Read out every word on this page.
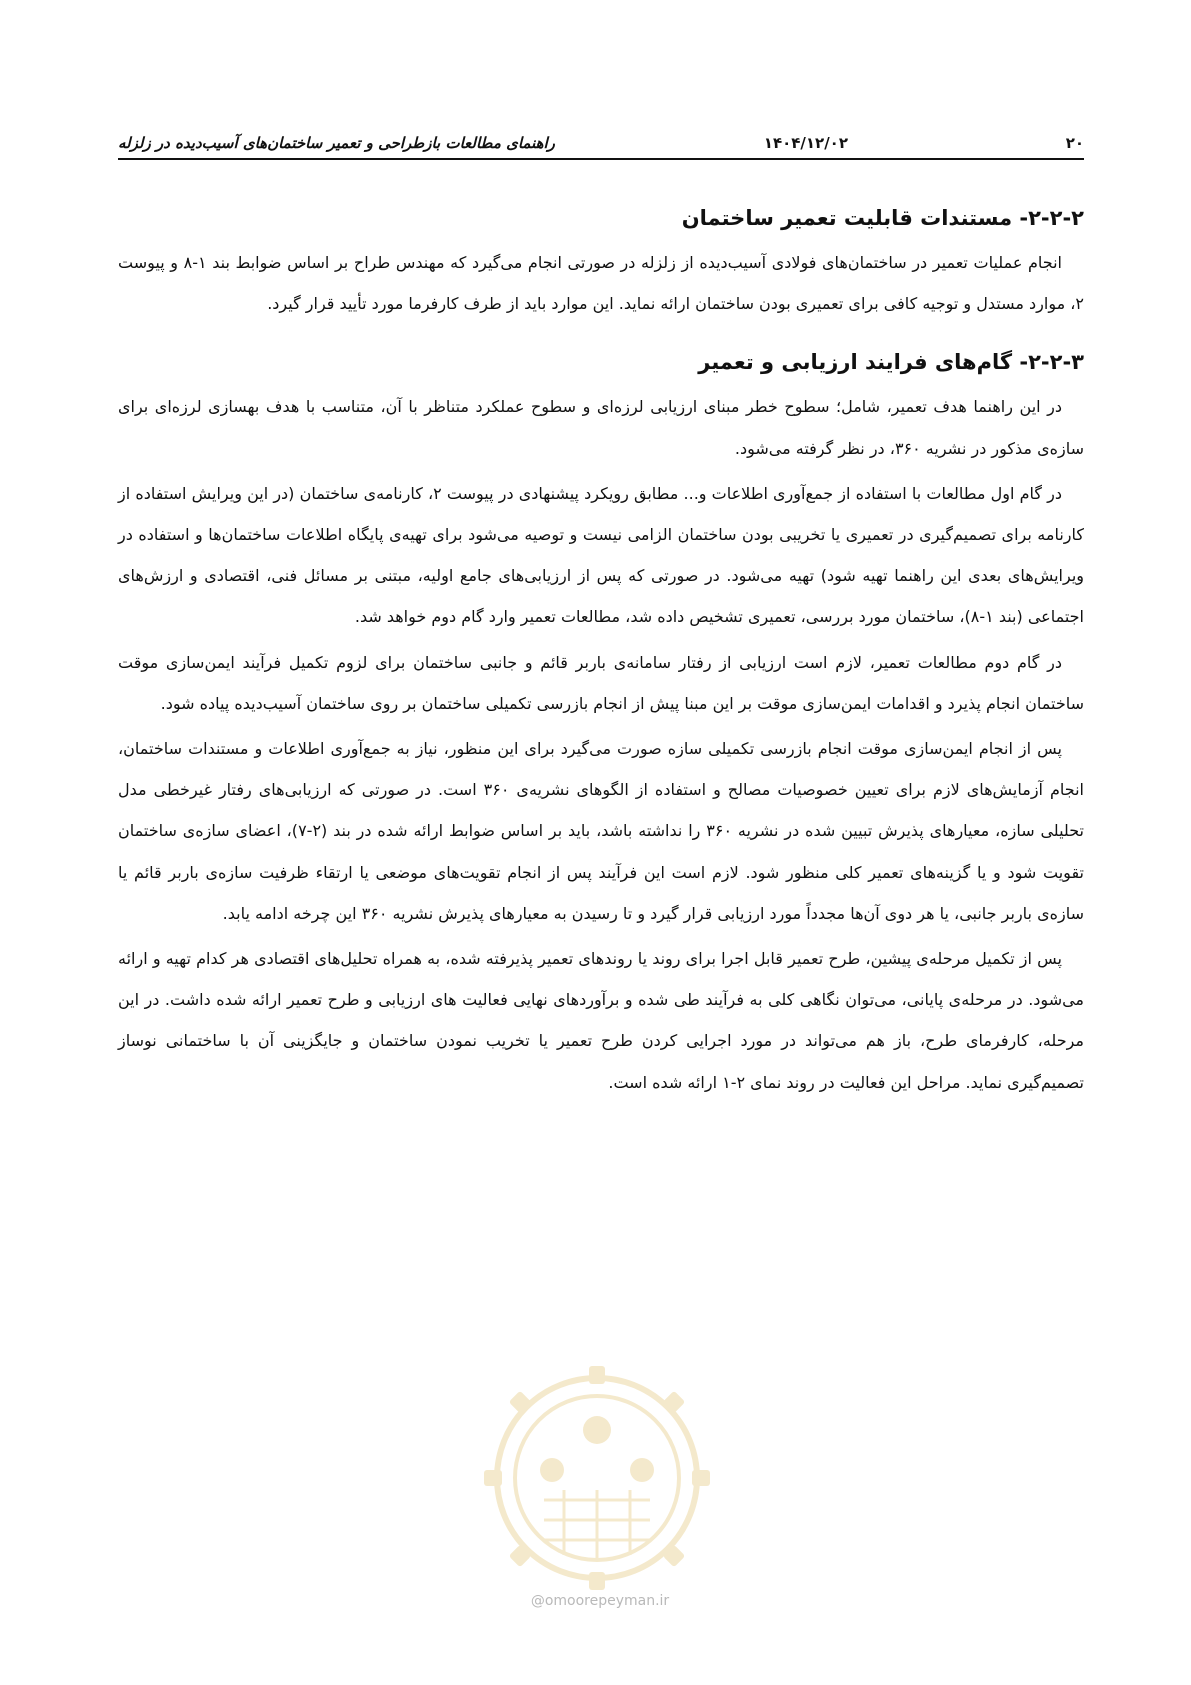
۲۰
۱۴۰۴/۱۲/۰۲
راهنمای مطالعات بازطراحی و تعمیر ساختمان‌های آسیب‌دیده در زلزله
۲-۲-۲- مستندات قابلیت تعمیر ساختمان

انجام عملیات تعمیر در ساختمان‌های فولادی آسیب‌دیده از زلزله در صورتی انجام می‌گیرد که مهندس طراح بر اساس ضوابط بند ۱-۸ و پیوست ۲، موارد مستدل و توجیه کافی برای تعمیری بودن ساختمان ارائه نماید. این موارد باید از طرف کارفرما مورد تأیید قرار گیرد.

۲-۲-۳- گام‌های فرایند ارزیابی و تعمیر

در این راهنما هدف تعمیر، شامل؛ سطوح خطر مبنای ارزیابی لرزه‌ای و سطوح عملکرد متناظر با آن، متناسب با هدف بهسازی لرزه‌ای برای سازه‌ی مذکور در نشریه ۳۶۰، در نظر گرفته می‌شود.

در گام اول مطالعات با استفاده از جمع‌آوری اطلاعات و... مطابق رویکرد پیشنهادی در پیوست ۲، کارنامه‌ی ساختمان (در این ویرایش استفاده از کارنامه برای تصمیم‌گیری در تعمیری یا تخریبی بودن ساختمان الزامی نیست و توصیه می‌شود برای تهیه‌ی پایگاه اطلاعات ساختمان‌ها و استفاده در ویرایش‌های بعدی این راهنما تهیه شود) تهیه می‌شود. در صورتی که پس از ارزیابی‌های جامع اولیه، مبتنی بر مسائل فنی، اقتصادی و ارزش‌های اجتماعی (بند ۱-۸)، ساختمان مورد بررسی، تعمیری تشخیص داده شد، مطالعات تعمیر وارد گام دوم خواهد شد.

در گام دوم مطالعات تعمیر، لازم است ارزیابی از رفتار سامانه‌ی باربر قائم و جانبی ساختمان برای لزوم تکمیل فرآیند ایمن‌سازی موقت ساختمان انجام پذیرد و اقدامات ایمن‌سازی موقت بر این مبنا پیش از انجام بازرسی تکمیلی ساختمان بر روی ساختمان آسیب‌دیده پیاده شود.

پس از انجام ایمن‌سازی موقت انجام بازرسی تکمیلی سازه صورت می‌گیرد برای این منظور، نیاز به جمع‌آوری اطلاعات و مستندات ساختمان، انجام آزمایش‌های لازم برای تعیین خصوصیات مصالح و استفاده از الگوهای نشریه‌ی ۳۶۰ است. در صورتی که ارزیابی‌های رفتار غیرخطی مدل تحلیلی سازه، معیارهای پذیرش تبیین شده در نشریه ۳۶۰ را نداشته باشد، باید بر اساس ضوابط ارائه شده در بند (۲-۷)، اعضای سازه‌ی ساختمان تقویت شود و یا گزینه‌های تعمیر کلی منظور شود. لازم است این فرآیند پس از انجام تقویت‌های موضعی یا ارتقاء ظرفیت سازه‌ی باربر قائم یا سازه‌ی باربر جانبی، یا هر دوی آن‌ها مجدداً مورد ارزیابی قرار گیرد و تا رسیدن به معیارهای پذیرش نشریه ۳۶۰ این چرخه ادامه یابد.

پس از تکمیل مرحله‌ی پیشین، طرح تعمیر قابل اجرا برای روند یا روندهای تعمیر پذیرفته شده، به همراه تحلیل‌های اقتصادی هر کدام تهیه و ارائه می‌شود. در مرحله‌ی پایانی، می‌توان نگاهی کلی به فرآیند طی شده و برآوردهای نهایی فعالیت های ارزیابی و طرح تعمیر ارائه شده داشت. در این مرحله، کارفرمای طرح، باز هم می‌تواند در مورد اجرایی کردن طرح تعمیر یا تخریب نمودن ساختمان و جایگزینی آن با ساختمانی نوساز تصمیم‌گیری نماید. مراحل این فعالیت در روند نمای ۲-۱ ارائه شده است.

@omoorepeyman.ir
